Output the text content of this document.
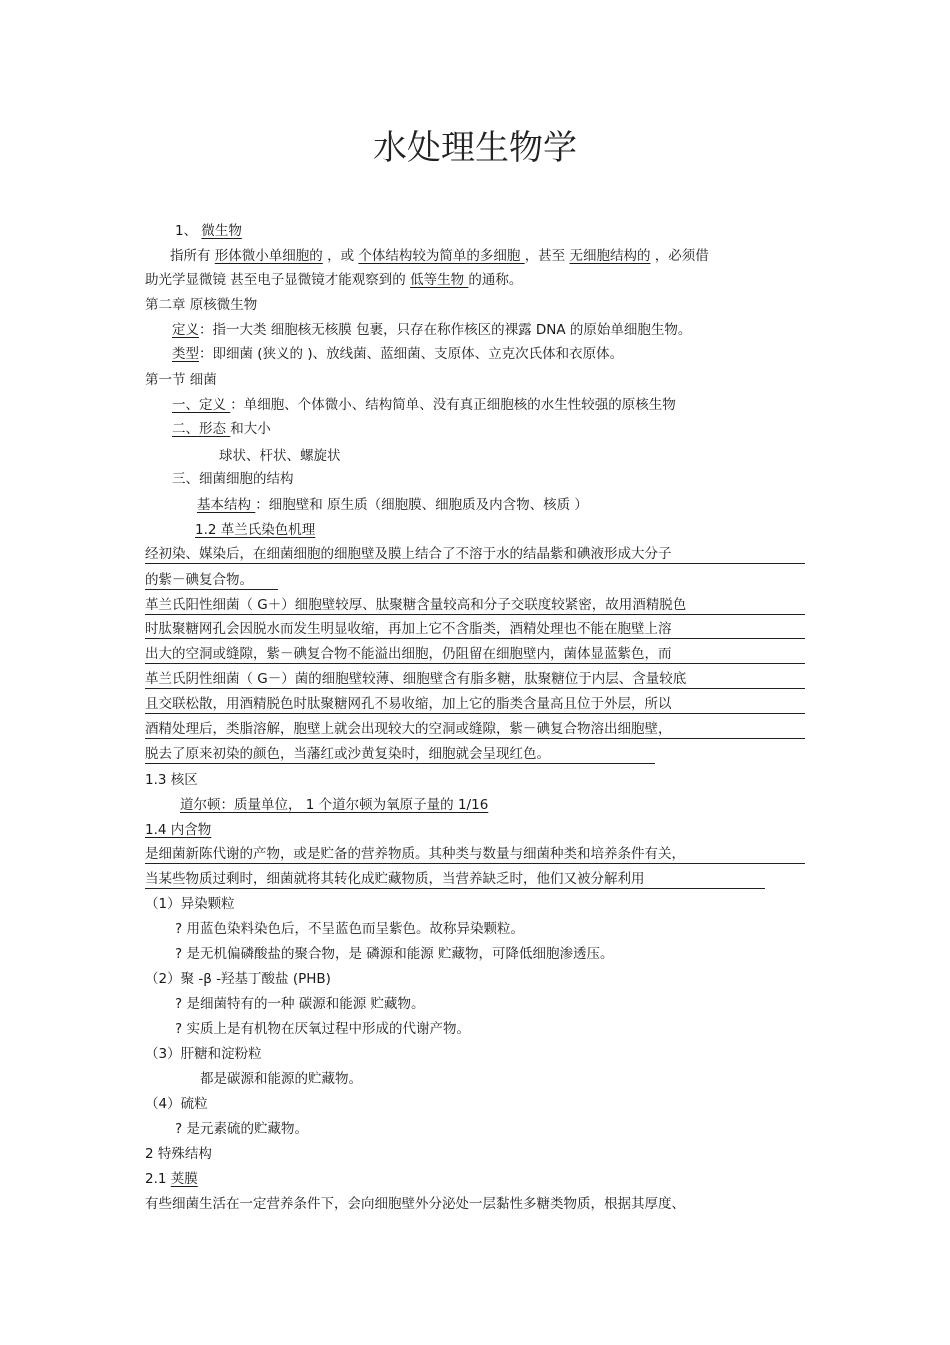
水处理生物学
1、 微生物
指所有 形体微小单细胞的 ，或 个体结构较为简单的多细胞 ，甚至 无细胞结构的 ，必须借
助光学显微镜 甚至电子显微镜才能观察到的 低等生物 的通称。
第二章 原核微生物
定义：指一大类 细胞核无核膜 包裹，只存在称作核区的裸露 DNA 的原始单细胞生物。
类型：即细菌 (狭义的 )、放线菌、蓝细菌、支原体、立克次氏体和衣原体。
第一节 细菌
一、定义 ：单细胞、个体微小、结构简单、没有真正细胞核的水生性较强的原核生物
二、形态 和大小
球状、杆状、螺旋状
三、细菌细胞的结构
基本结构 ：细胞壁和 原生质（细胞膜、细胞质及内含物、核质 ）
1.2 革兰氏染色机理
经初染、媒染后，在细菌细胞的细胞壁及膜上结合了不溶于水的结晶紫和碘液形成大分子
的紫－碘复合物。
革兰氏阳性细菌（ G＋）细胞壁较厚、肽聚糖含量较高和分子交联度较紧密，故用酒精脱色
时肽聚糖网孔会因脱水而发生明显收缩，再加上它不含脂类，酒精处理也不能在胞壁上溶
出大的空洞或缝隙，紫－碘复合物不能溢出细胞，仍阻留在细胞壁内，菌体显蓝紫色，而
革兰氏阴性细菌（ G－）菌的细胞壁较薄、细胞壁含有脂多糖，肽聚糖位于内层、含量较底
且交联松散，用酒精脱色时肽聚糖网孔不易收缩，加上它的脂类含量高且位于外层，所以
酒精处理后，类脂溶解，胞壁上就会出现较大的空洞或缝隙，紫－碘复合物溶出细胞壁，
脱去了原来初染的颜色，当藩红或沙黄复染时，细胞就会呈现红色。
1.3 核区
道尔顿：质量单位， 1 个道尔顿为氧原子量的 1/16
1.4 内含物
是细菌新陈代谢的产物，或是贮备的营养物质。其种类与数量与细菌种类和培养条件有关，
当某些物质过剩时，细菌就将其转化成贮藏物质，当营养缺乏时，他们又被分解利用
（1）异染颗粒
? 用蓝色染料染色后，不呈蓝色而呈紫色。故称异染颗粒。
? 是无机偏磷酸盐的聚合物，是 磷源和能源 贮藏物，可降低细胞渗透压。
（2）聚 -β -羟基丁酸盐 (PHB)
? 是细菌特有的一种 碳源和能源 贮藏物。
? 实质上是有机物在厌氧过程中形成的代谢产物。
（3）肝糖和淀粉粒
都是碳源和能源的贮藏物。
（4）硫粒
? 是元素硫的贮藏物。
2 特殊结构
2.1 荚膜
有些细菌生活在一定营养条件下，会向细胞壁外分泌处一层黏性多糖类物质，根据其厚度、
